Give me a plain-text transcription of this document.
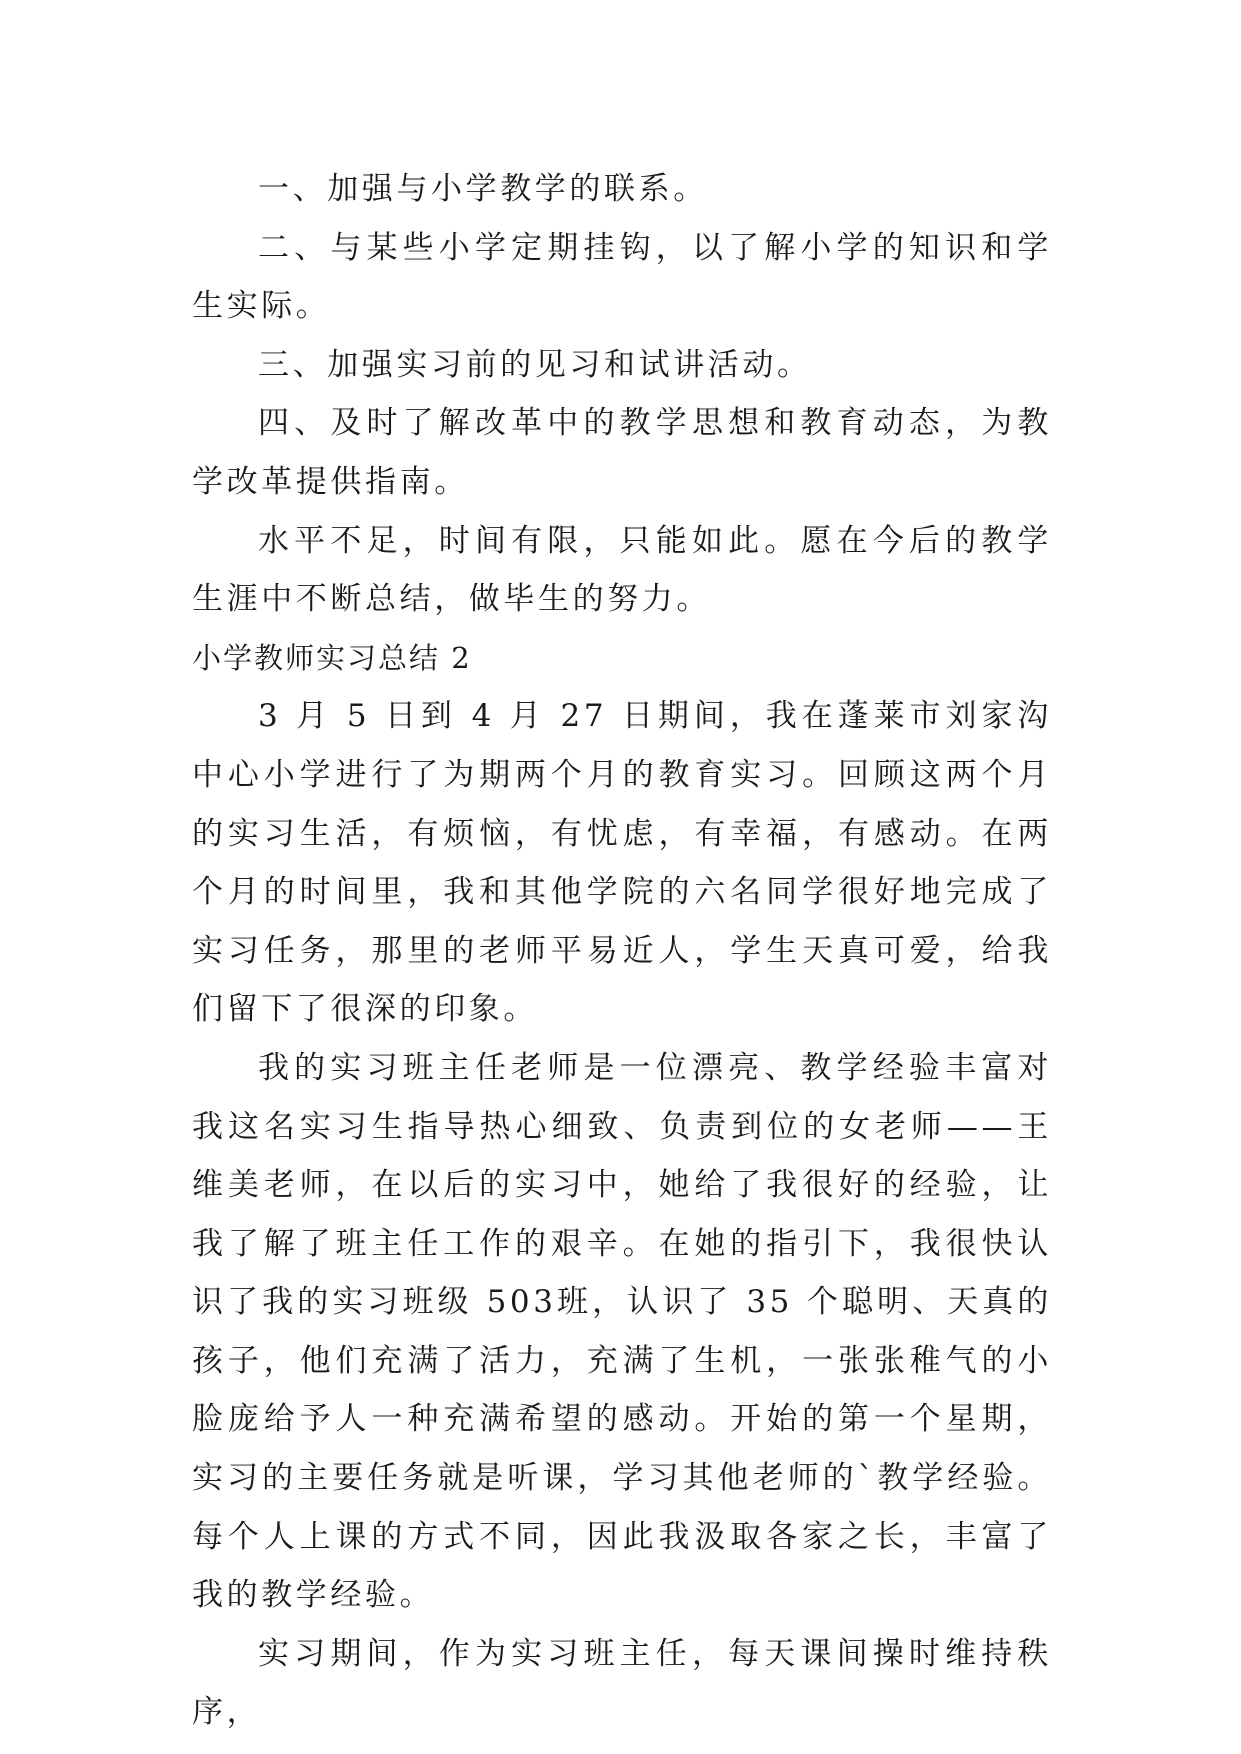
一、加强与小学教学的联系。

二、与某些小学定期挂钩，以了解小学的知识和学生实际。

三、加强实习前的见习和试讲活动。

四、及时了解改革中的教学思想和教育动态，为教学改革提供指南。

水平不足，时间有限，只能如此。愿在今后的教学生涯中不断总结，做毕生的努力。

小学教师实习总结 2

3 月 5 日到 4 月 27 日期间，我在蓬莱市刘家沟中心小学进行了为期两个月的教育实习。回顾这两个月的实习生活，有烦恼，有忧虑，有幸福，有感动。在两个月的时间里，我和其他学院的六名同学很好地完成了实习任务，那里的老师平易近人，学生天真可爱，给我们留下了很深的印象。

我的实习班主任老师是一位漂亮、教学经验丰富对我这名实习生指导热心细致、负责到位的女老师——王维美老师，在以后的实习中，她给了我很好的经验，让我了解了班主任工作的艰辛。在她的指引下，我很快认识了我的实习班级 503班，认识了 35 个聪明、天真的孩子，他们充满了活力，充满了生机，一张张稚气的小脸庞给予人一种充满希望的感动。开始的第一个星期，实习的主要任务就是听课，学习其他老师的`教学经验。每个人上课的方式不同，因此我汲取各家之长，丰富了我的教学经验。

实习期间，作为实习班主任，每天课间操时维持秩序，
